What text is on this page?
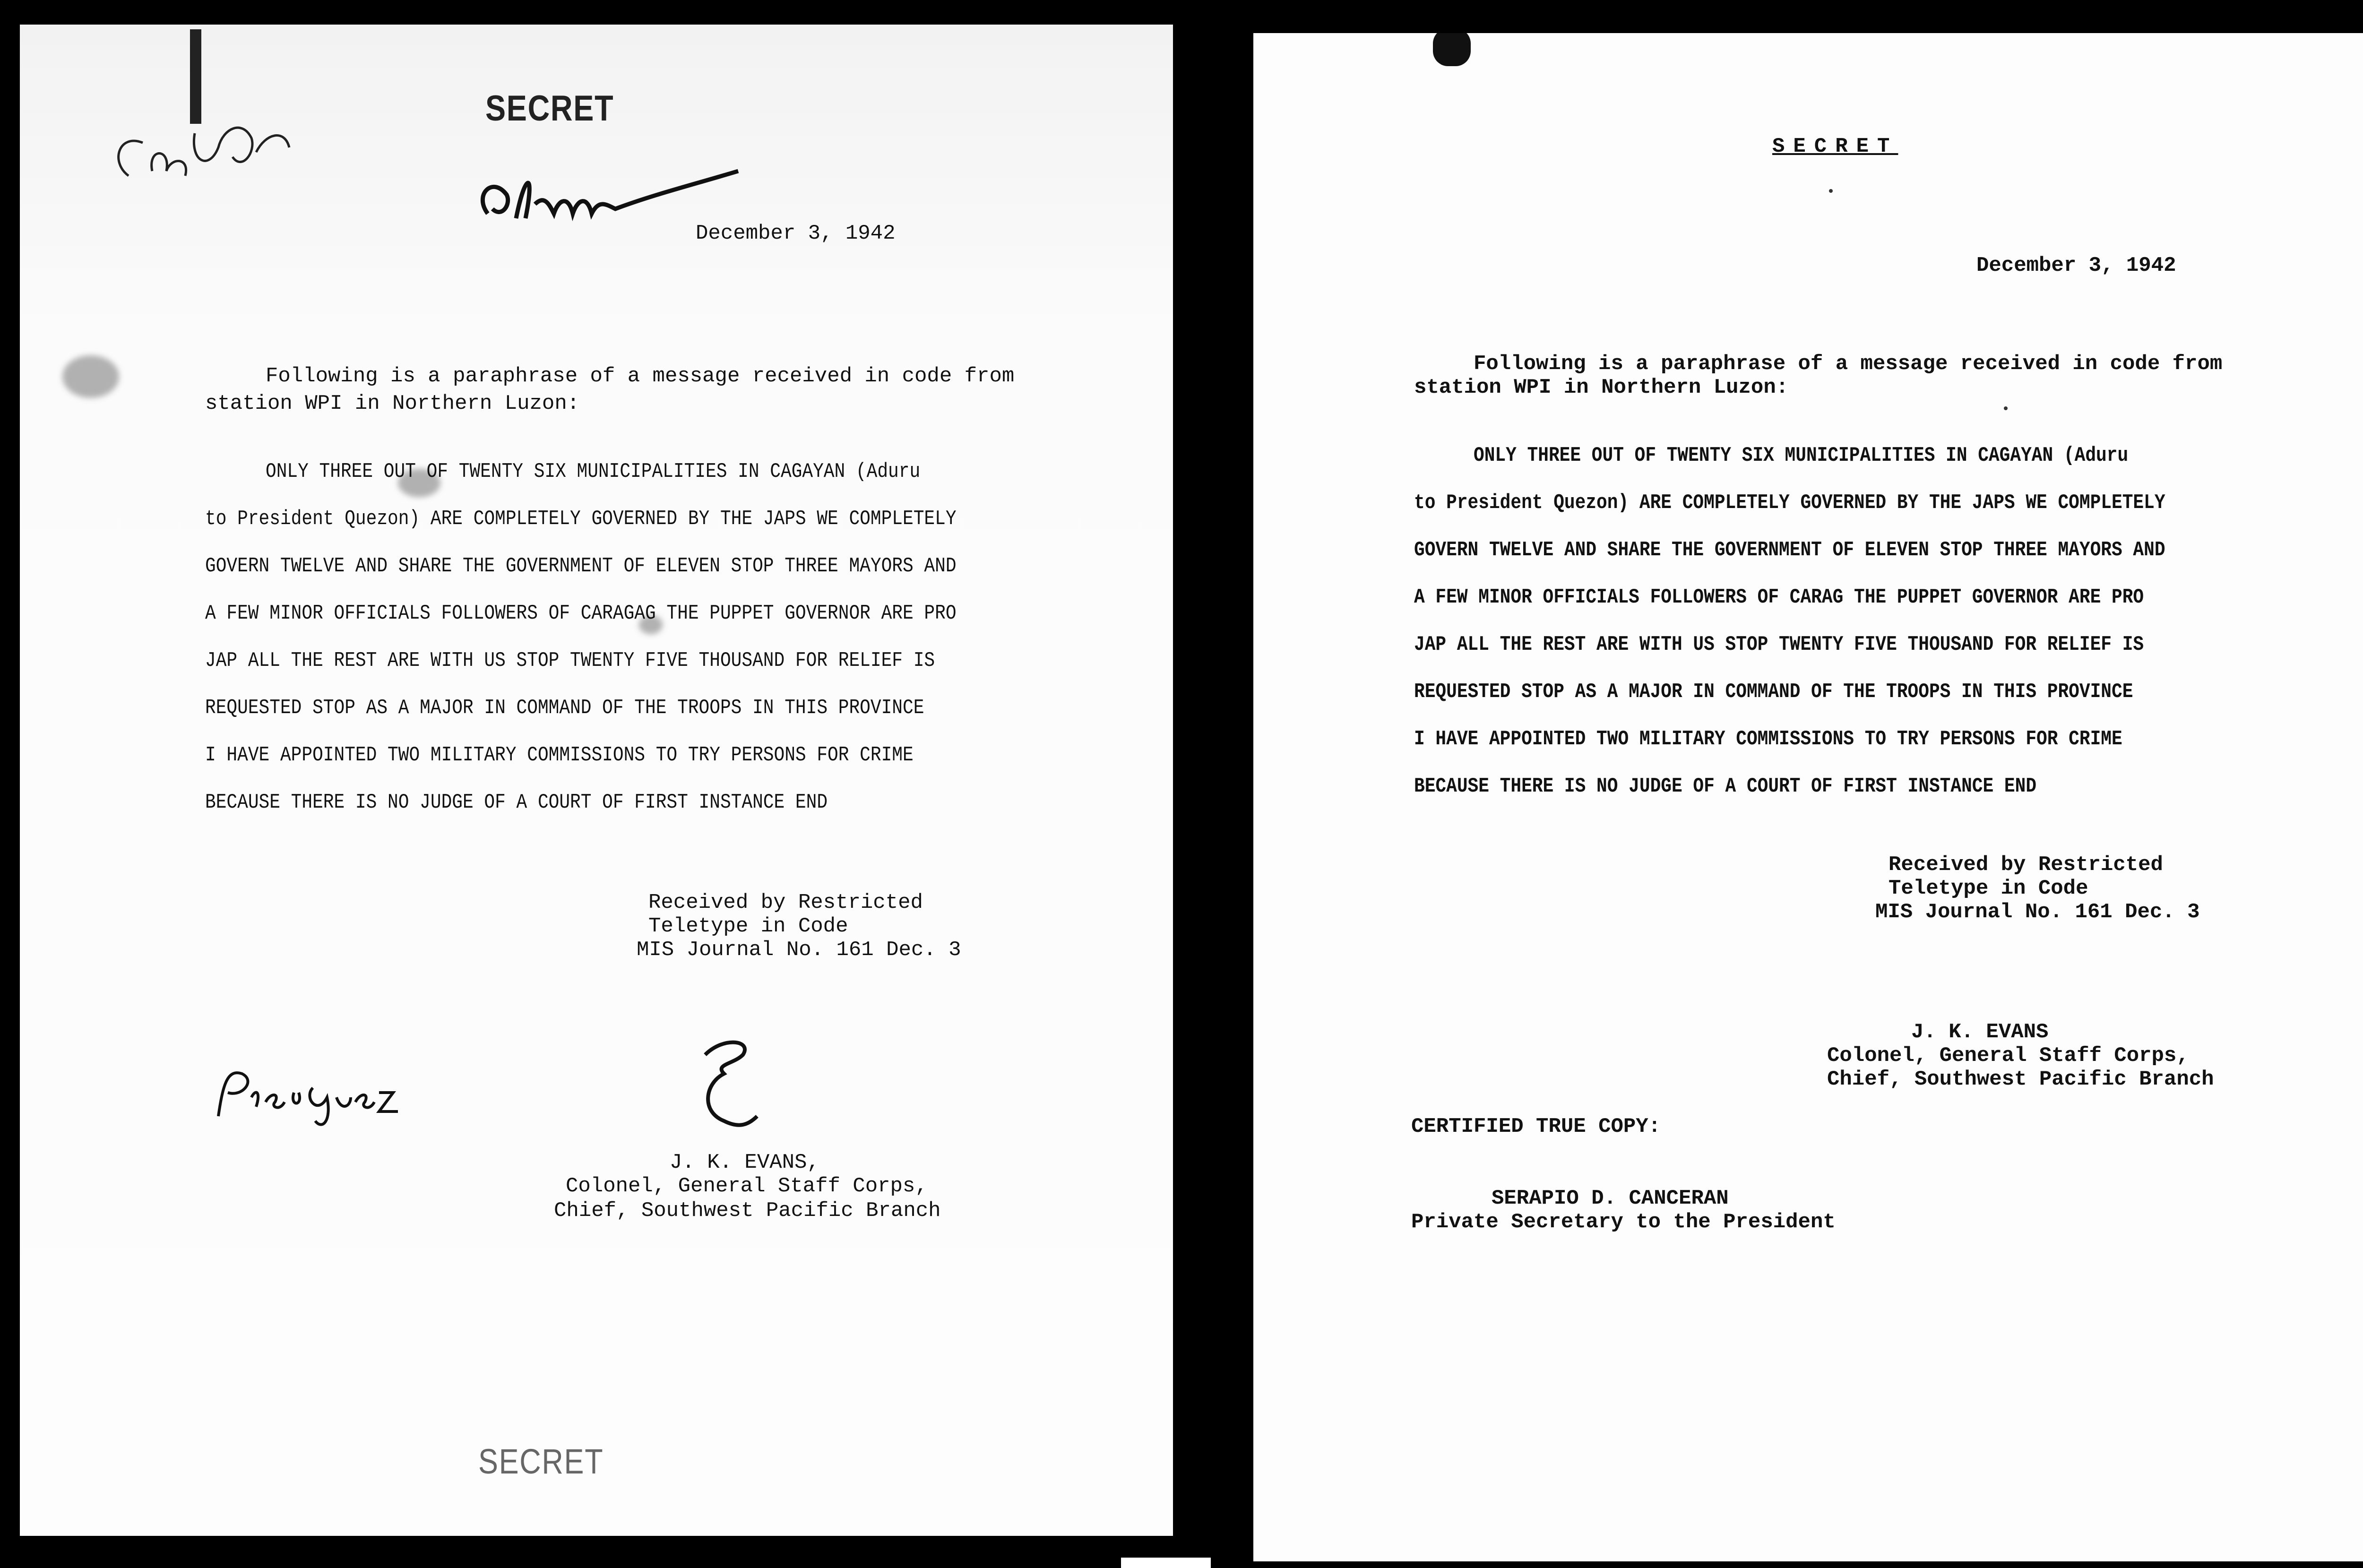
SECRET
December 3, 1942
Following is a paraphrase of a message received in code from
station WPI in Northern Luzon:
ONLY THREE OUT OF TWENTY SIX MUNICIPALITIES IN CAGAYAN (Aduru
to President Quezon) ARE COMPLETELY GOVERNED BY THE JAPS WE COMPLETELY
GOVERN TWELVE AND SHARE THE GOVERNMENT OF ELEVEN STOP THREE MAYORS AND
A FEW MINOR OFFICIALS FOLLOWERS OF CARAGAG THE PUPPET GOVERNOR ARE PRO
JAP ALL THE REST ARE WITH US STOP TWENTY FIVE THOUSAND FOR RELIEF IS
REQUESTED STOP AS A MAJOR IN COMMAND OF THE TROOPS IN THIS PROVINCE
I HAVE APPOINTED TWO MILITARY COMMISSIONS TO TRY PERSONS FOR CRIME
BECAUSE THERE IS NO JUDGE OF A COURT OF FIRST INSTANCE END
Received by Restricted
Teletype in Code
MIS Journal No. 161 Dec. 3
J. K. EVANS,
Colonel, General Staff Corps,
Chief, Southwest Pacific Branch
SECRET
SECRET
December 3, 1942
Following is a paraphrase of a message received in code from
station WPI in Northern Luzon:
ONLY THREE OUT OF TWENTY SIX MUNICIPALITIES IN CAGAYAN (Aduru
to President Quezon) ARE COMPLETELY GOVERNED BY THE JAPS WE COMPLETELY
GOVERN TWELVE AND SHARE THE GOVERNMENT OF ELEVEN STOP THREE MAYORS AND
A FEW MINOR OFFICIALS FOLLOWERS OF CARAG THE PUPPET GOVERNOR ARE PRO
JAP ALL THE REST ARE WITH US STOP TWENTY FIVE THOUSAND FOR RELIEF IS
REQUESTED STOP AS A MAJOR IN COMMAND OF THE TROOPS IN THIS PROVINCE
I HAVE APPOINTED TWO MILITARY COMMISSIONS TO TRY PERSONS FOR CRIME
BECAUSE THERE IS NO JUDGE OF A COURT OF FIRST INSTANCE END
Received by Restricted
Teletype in Code
MIS Journal No. 161 Dec. 3
J. K. EVANS
Colonel, General Staff Corps,
Chief, Southwest Pacific Branch
CERTIFIED TRUE COPY:
SERAPIO D. CANCERAN
Private Secretary to the President
